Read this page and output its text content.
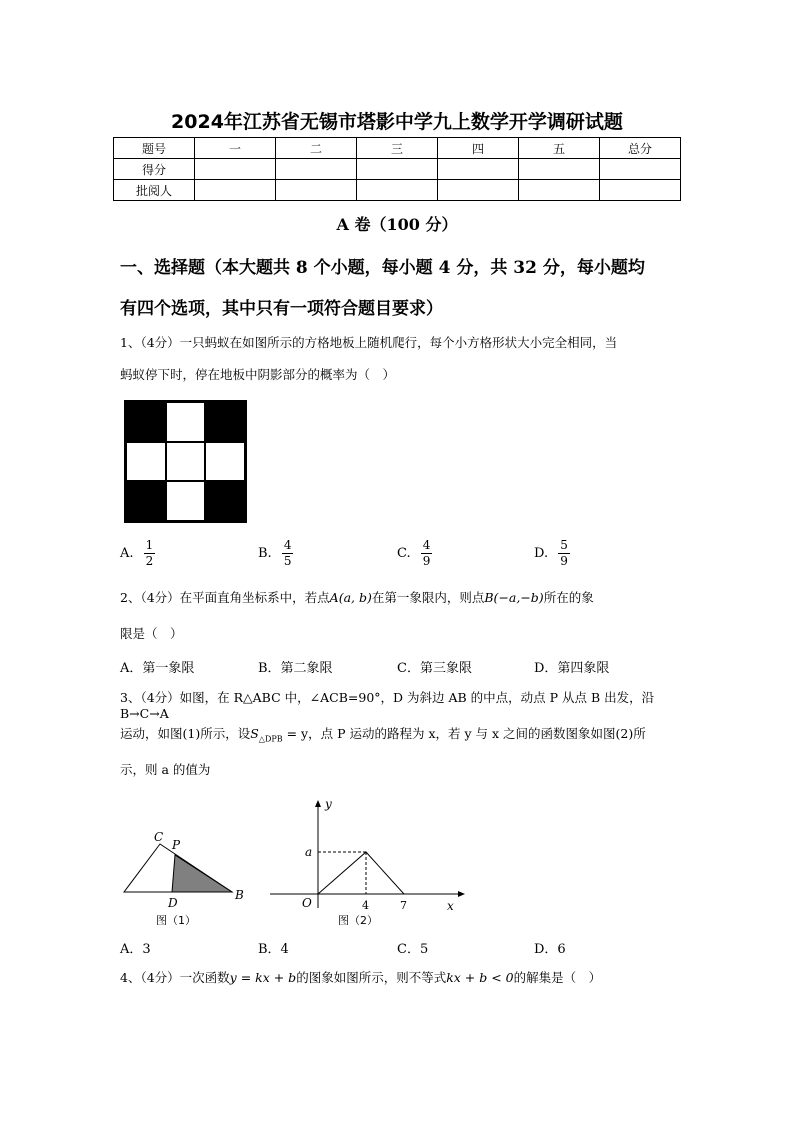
2024年江苏省无锡市塔影中学九上数学开学调研试题
题号	一	二	三	四	五	总分
得分						
批阅人						
A 卷（100 分）
一、选择题（本大题共 8 个小题，每小题 4 分，共 32 分，每小题均
有四个选项，其中只有一项符合题目要求）
1、（4分）一只蚂蚁在如图所示的方格地板上随机爬行，每个小方格形状大小完全相同，当
蚂蚁停下时，停在地板中阴影部分的概率为（　）
A. $\frac{1}{2}$	B. $\frac{4}{5}$	C. $\frac{4}{9}$	D. $\frac{5}{9}$
2、（4分）在平面直角坐标系中，若点A(a, b)在第一象限内，则点B(−a,−b)所在的象
限是（　）
A．第一象限	B．第二象限	C．第三象限	D．第四象限
3、（4分）如图，在 R△ABC 中，∠ACB=90°，D 为斜边 AB 的中点，动点 P 从点 B 出发，沿 B→C→A
运动，如图(1)所示，设$S_{\triangle DPB} = y$，点 P 运动的路程为 x，若 y 与 x 之间的函数图象如图(2)所
示，则 a 的值为
C
P
D
B
图（1）
y
x
O
a
4	7
图（2）
A．3	B．4	C．5	D．6
4、（4分）一次函数y = kx + b的图象如图所示，则不等式kx + b < 0的解集是（　）
